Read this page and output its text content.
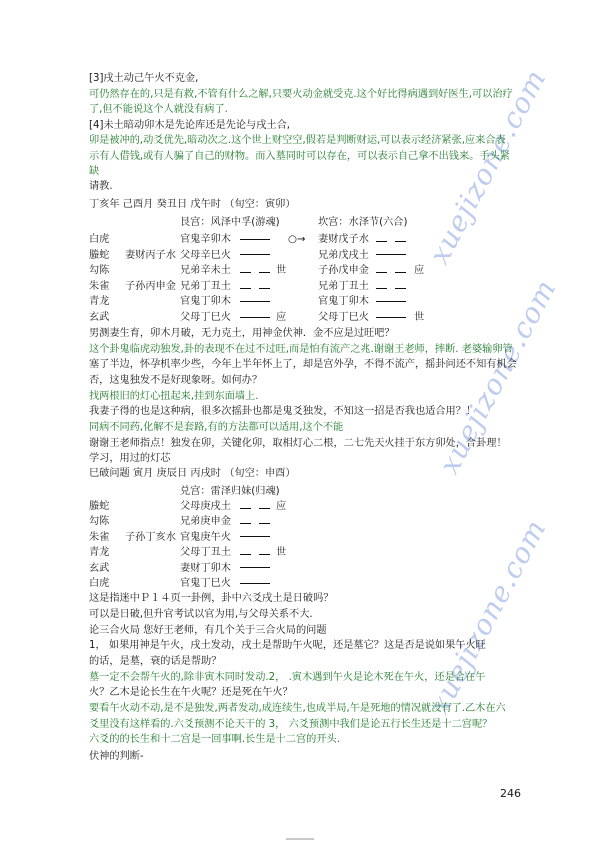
xuejizone.com
xuejizone.com
xuejizone.com
[3]戌土动己午火不克金,
可仍然存在的,只是有救,不管有什么之解,只要火动金就受克.这个好比得病遇到好医生,可以治疗
了,但不能说这个人就没有病了.
[4]未土暗动卯木是先论库还是先论与戌土合,
卯是被冲的,动爻优先,暗动次之.这个世上财空空,假若是判断财运,可以表示经济紧张,应来合表
示有人借钱,或有人骗了自己的财物。而入墓同时可以存在，可以表示自己拿不出钱来。手头紧
缺
请教.
丁亥年 己酉月 癸丑日 戊午时 （旬空：寅卯）
艮宫：风泽中孚(游魂)	坎宫：水泽节(六合)
白虎	官鬼辛卯木	○→ 妻财戊子水
螣蛇 妻财丙子水 父母辛巳火	兄弟戊戌土
勾陈	兄弟辛未土	世	子孙戊申金	应
朱雀 子孙丙申金 兄弟丁丑土	兄弟丁丑土
青龙	官鬼丁卯木	官鬼丁卯木
玄武	父母丁巳火	应	父母丁巳火	世
男测妻生育，卯木月破，无力克土，用神金伏神．金不应是过旺吧？
这个卦鬼临虎动独发,卦的表现不在过不过旺,而是怕有流产之兆.谢谢王老师，摔断. 老婆输卵管
塞了半边，怀孕机率少些，今年上半年怀上了，却是宫外孕，不得不流产，摇卦问还不知有机会
否，这鬼独发不是好现象呀。如何办？
找两根旧的灯心扭起来,挂到东面墙上.
我妻子得的也是这种病，很多次摇卦也都是鬼爻独发，不知这一招是否我也适合用？！
同病不同药,化解不是套路,有的方法都可以适用,这个不能
谢谢王老师指点！独发在卯，关键化卯，取相灯心二根，二七先天火挂于东方卯处，合卦理！
学习，用过的灯芯
巳破问题 寅月 庚辰日 丙戌时 （旬空：申酉）
兑宫：雷泽归妹(归魂)
螣蛇	父母庚戌土	应
勾陈	兄弟庚申金
朱雀 子孙丁亥水 官鬼庚午火
青龙	父母丁丑土	世
玄武	妻财丁卯木
白虎	官鬼丁巳火
这是指迷中Ｐ１４页一卦例，卦中六爻戌土是日破吗？
可以是日破,但升官考试以官为用,与父母关系不大.
论三合火局 您好王老师，有几个关于三合火局的问题
1， 如果用神是午火，戌土发动，戌土是帮助午火呢，还是墓它？这是否是说如果午火旺
的话，是墓，衰的话是帮助？
墓一定不会帮午火的,除非寅木同时发动.2， .寅木遇到午火是论木死在午火，还是合在午
火？乙木是论长生在午火呢？还是死在午火？
要看午火动不动,是不是独发,两者发动,成连续生,也成半局,午是死地的情况就没有了.乙木在六
爻里没有这样看的.六爻预测不论天干的 3， 六爻预测中我们是论五行长生还是十二宫呢？
六爻的的长生和十二宫是一回事啊.长生是十二宫的开头.
伏神的判断-
246
